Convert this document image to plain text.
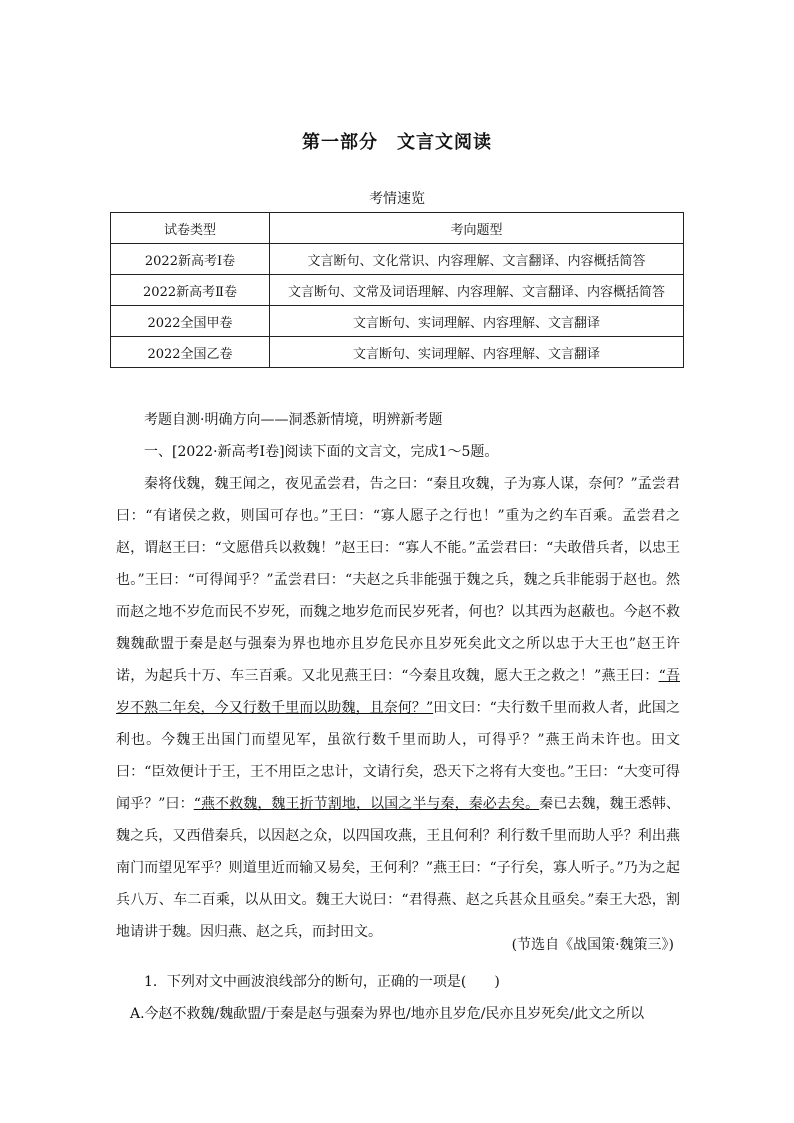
第一部分　文言文阅读
考情速览
试卷类型	考向题型
2022新高考Ⅰ卷	文言断句、文化常识、内容理解、文言翻译、内容概括简答
2022新高考Ⅱ卷	文言断句、文常及词语理解、内容理解、文言翻译、内容概括简答
2022全国甲卷	文言断句、实词理解、内容理解、文言翻译
2022全国乙卷	文言断句、实词理解、内容理解、文言翻译

考题自测·明确方向——洞悉新情境，明辨新考题

一、[2022·新高考Ⅰ卷]阅读下面的文言文，完成1～5题。

秦将伐魏，魏王闻之，夜见孟尝君，告之曰：“秦且攻魏，子为寡人谋，奈何？”孟尝君曰：“有诸侯之救，则国可存也。”王曰：“寡人愿子之行也！”重为之约车百乘。孟尝君之赵，谓赵王曰：“文愿借兵以救魏！”赵王曰：“寡人不能。”孟尝君曰：“夫敢借兵者，以忠王也。”王曰：“可得闻乎？”孟尝君曰：“夫赵之兵非能强于魏之兵，魏之兵非能弱于赵也。然而赵之地不岁危而民不岁死，而魏之地岁危而民岁死者，何也？以其西为赵蔽也。今赵不救魏魏歃盟于秦是赵与强秦为界也地亦且岁危民亦且岁死矣此文之所以忠于大王也”赵王许诺，为起兵十万、车三百乘。又北见燕王曰：“今秦且攻魏，愿大王之救之！”燕王曰：“吾岁不熟二年矣，今又行数千里而以助魏，且奈何？”田文曰：“夫行数千里而救人者，此国之利也。今魏王出国门而望见军，虽欲行数千里而助人，可得乎？”燕王尚未许也。田文曰：“臣效便计于王，王不用臣之忠计，文请行矣，恐天下之将有大变也。”王曰：“大变可得闻乎？”曰：“燕不救魏，魏王折节割地，以国之半与秦，秦必去矣。秦已去魏，魏王悉韩、魏之兵，又西借秦兵，以因赵之众，以四国攻燕，王且何利？利行数千里而助人乎？利出燕南门而望见军乎？则道里近而输又易矣，王何利？”燕王曰：“子行矣，寡人听子。”乃为之起兵八万、车二百乘，以从田文。魏王大说曰：“君得燕、赵之兵甚众且亟矣。”秦王大恐，割地请讲于魏。因归燕、赵之兵，而封田文。

(节选自《战国策·魏策三》)

1．下列对文中画波浪线部分的断句，正确的一项是(　　)

A.今赵不救魏/魏歃盟/于秦是赵与强秦为界也/地亦且岁危/民亦且岁死矣/此文之所以
